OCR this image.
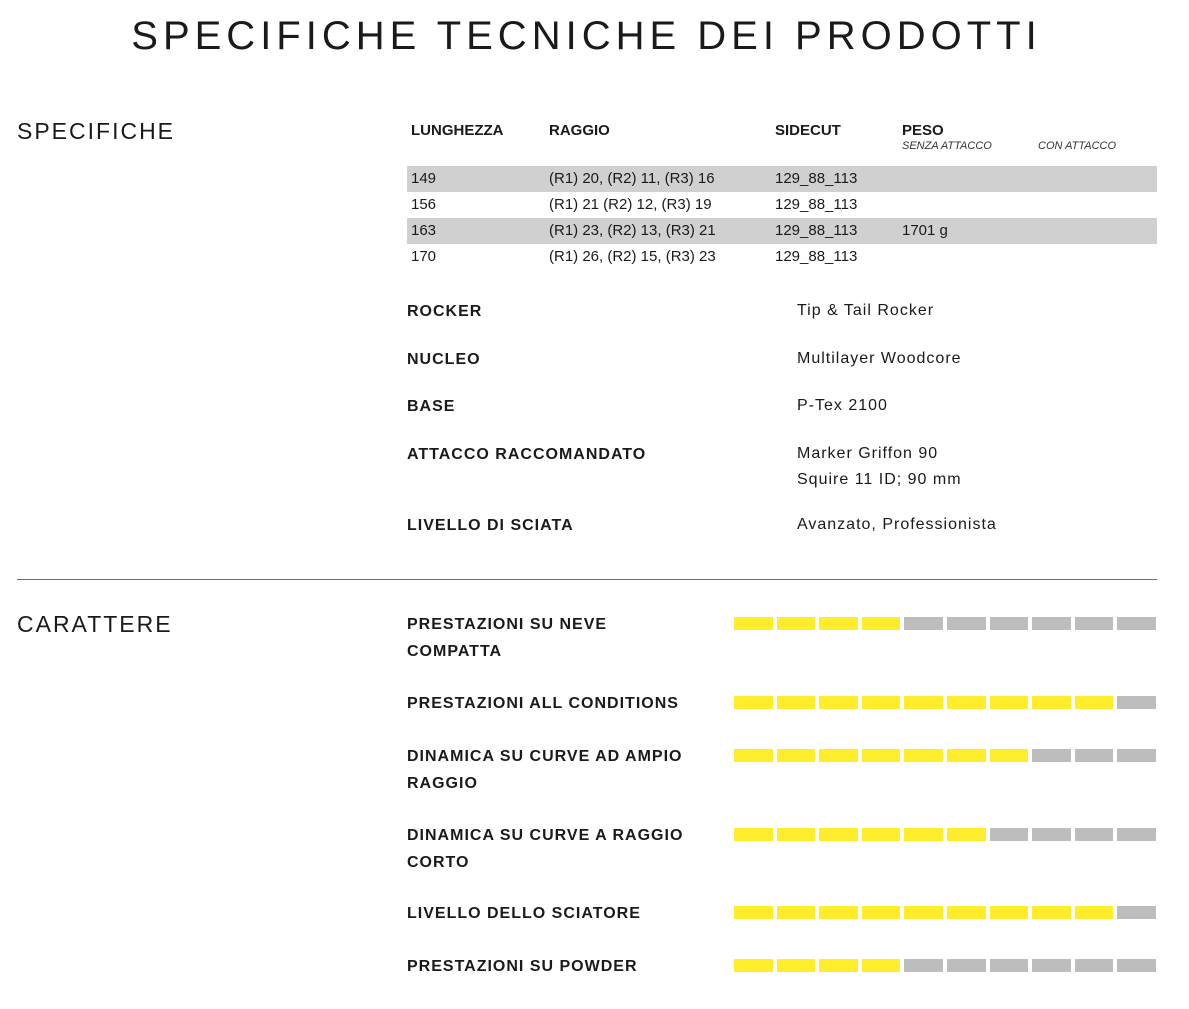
SPECIFICHE TECNICHE DEI PRODOTTI
SPECIFICHE	LUNGHEZZA	RAGGIO	SIDECUT	PESO
SENZA ATTACCO	CON ATTACCO
149	(R1) 20, (R2) 11, (R3) 16	129_88_113
156	(R1) 21 (R2) 12, (R3) 19	129_88_113
163	(R1) 23, (R2) 13, (R3) 21	129_88_113	1701 g
170	(R1) 26, (R2) 15, (R3) 23	129_88_113
ROCKER	Tip & Tail Rocker
NUCLEO	Multilayer Woodcore
BASE	P-Tex 2100
ATTACCO RACCOMANDATO	Marker Griffon 90
Squire 11 ID; 90 mm
LIVELLO DI SCIATA	Avanzato, Professionista
CARATTERE	PRESTAZIONI SU NEVE COMPATTA
PRESTAZIONI ALL CONDITIONS
DINAMICA SU CURVE AD AMPIO RAGGIO
DINAMICA SU CURVE A RAGGIO CORTO
LIVELLO DELLO SCIATORE
PRESTAZIONI SU POWDER
